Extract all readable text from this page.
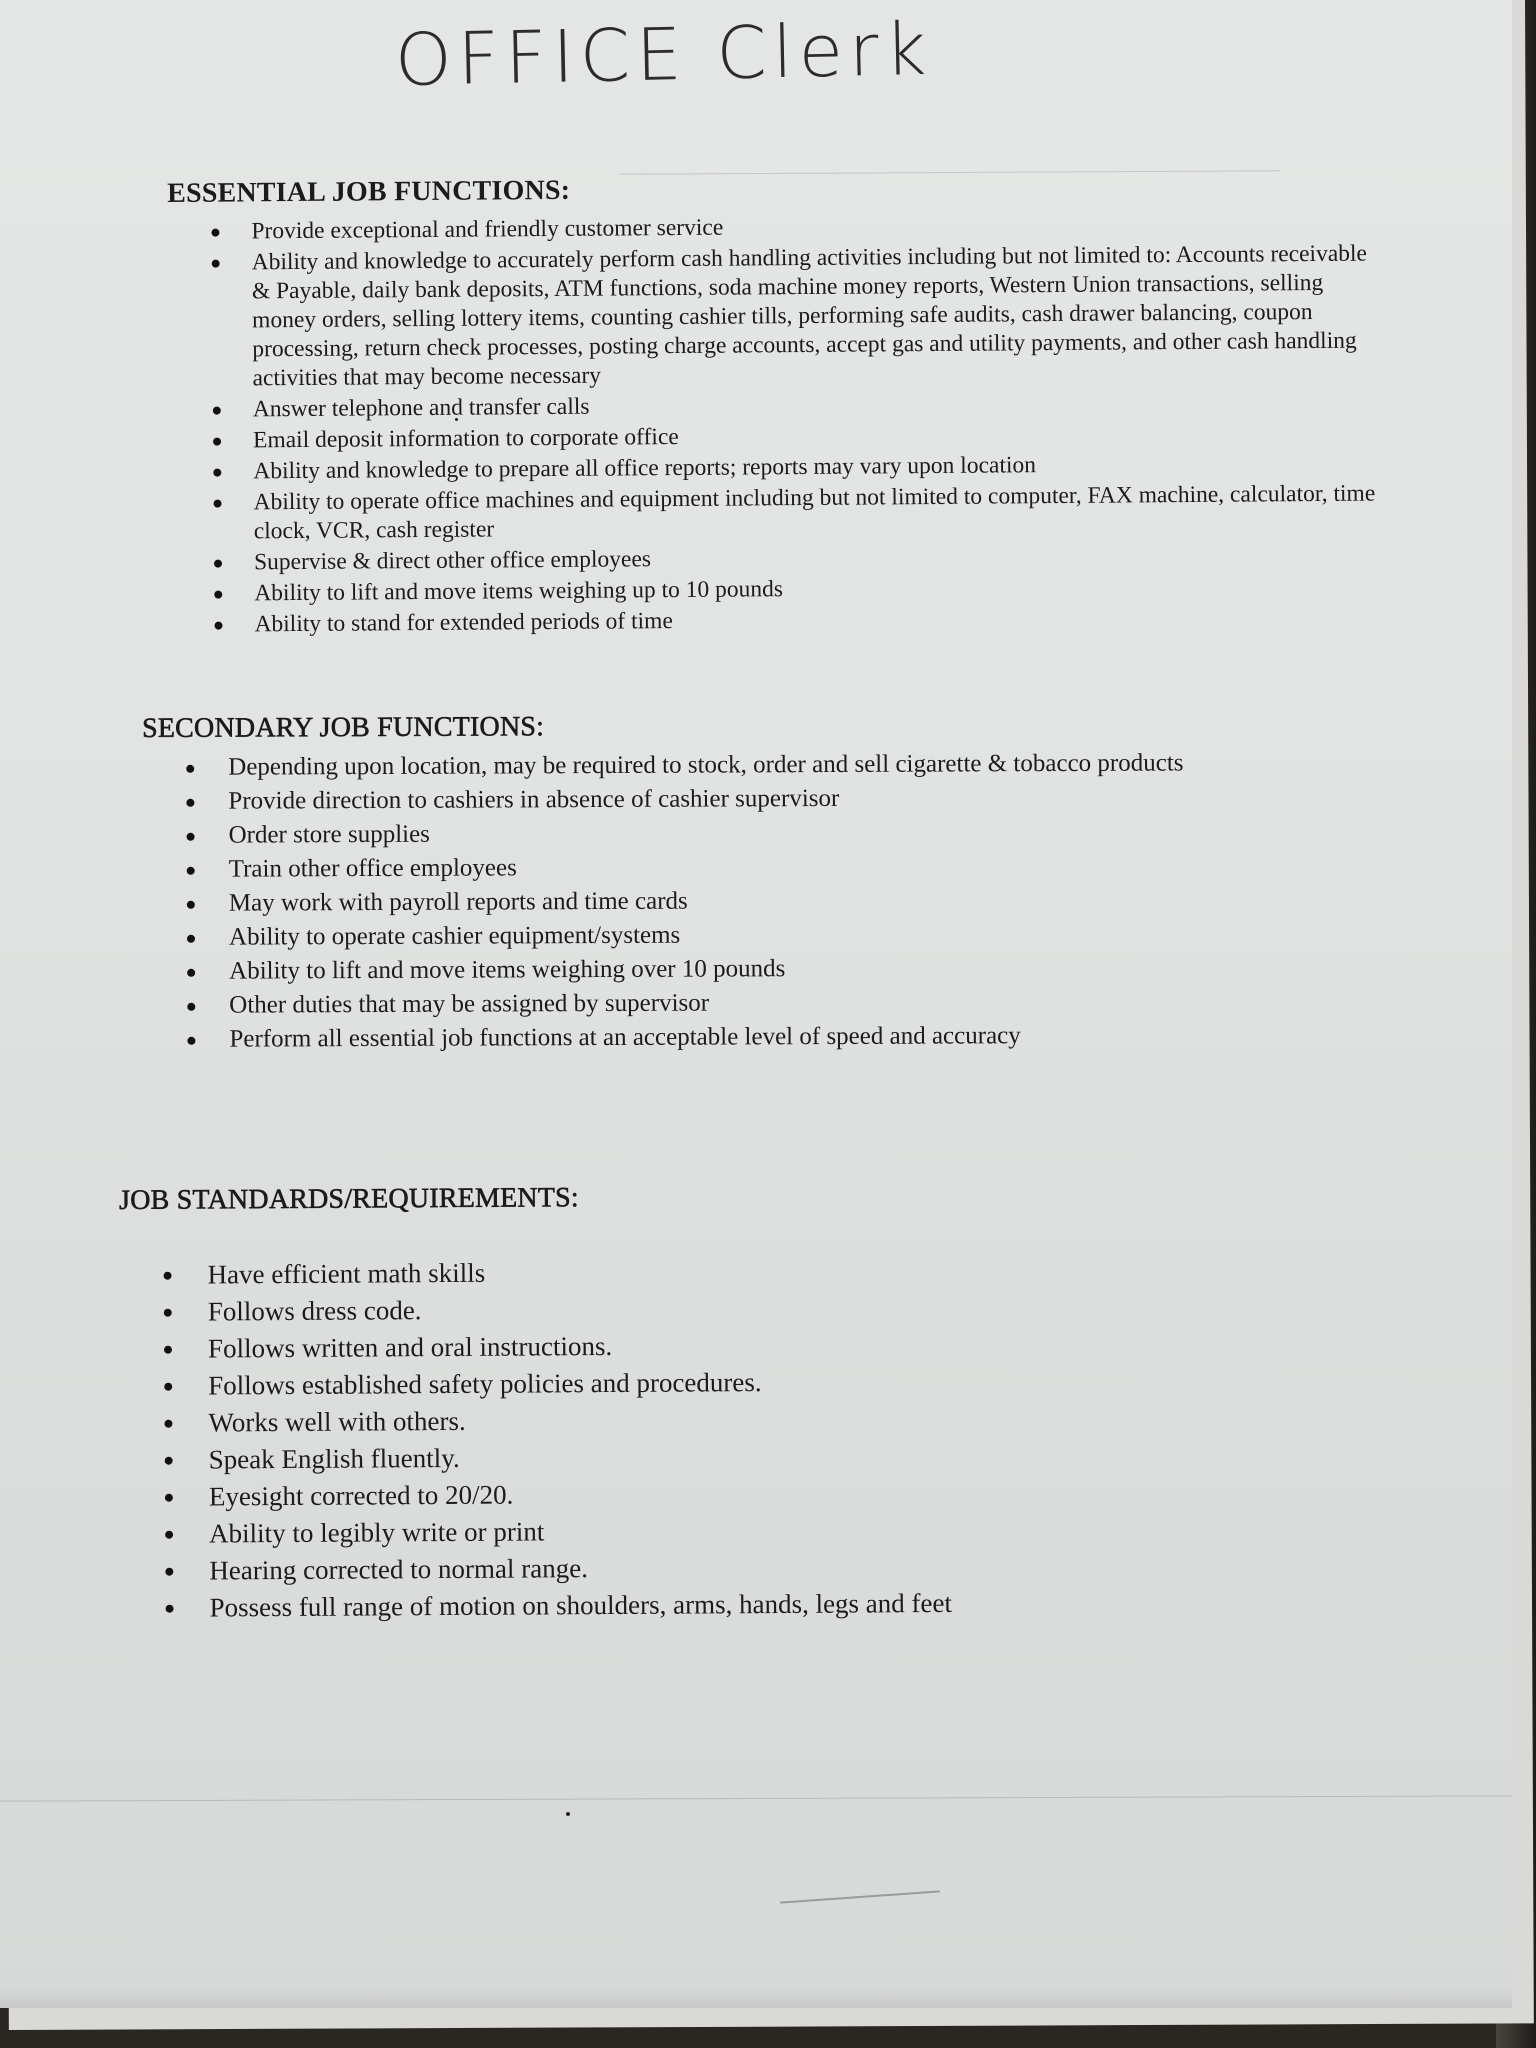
OFFICE Clerk
ESSENTIAL JOB FUNCTIONS:
Provide exceptional and friendly customer service
Ability and knowledge to accurately perform cash handling activities including but not limited to: Accounts receivable & Payable, daily bank deposits, ATM functions, soda machine money reports, Western Union transactions, selling money orders, selling lottery items, counting cashier tills, performing safe audits, cash drawer balancing, coupon processing, return check processes, posting charge accounts, accept gas and utility payments, and other cash handling activities that may become necessary
Answer telephone and transfer calls
Email deposit information to corporate office
Ability and knowledge to prepare all office reports; reports may vary upon location
Ability to operate office machines and equipment including but not limited to computer, FAX machine, calculator, time clock, VCR, cash register
Supervise & direct other office employees
Ability to lift and move items weighing up to 10 pounds
Ability to stand for extended periods of time
SECONDARY JOB FUNCTIONS:
Depending upon location, may be required to stock, order and sell cigarette & tobacco products
Provide direction to cashiers in absence of cashier supervisor
Order store supplies
Train other office employees
May work with payroll reports and time cards
Ability to operate cashier equipment/systems
Ability to lift and move items weighing over 10 pounds
Other duties that may be assigned by supervisor
Perform all essential job functions at an acceptable level of speed and accuracy
JOB STANDARDS/REQUIREMENTS:
Have efficient math skills
Follows dress code.
Follows written and oral instructions.
Follows established safety policies and procedures.
Works well with others.
Speak English fluently.
Eyesight corrected to 20/20.
Ability to legibly write or print
Hearing corrected to normal range.
Possess full range of motion on shoulders, arms, hands, legs and feet
